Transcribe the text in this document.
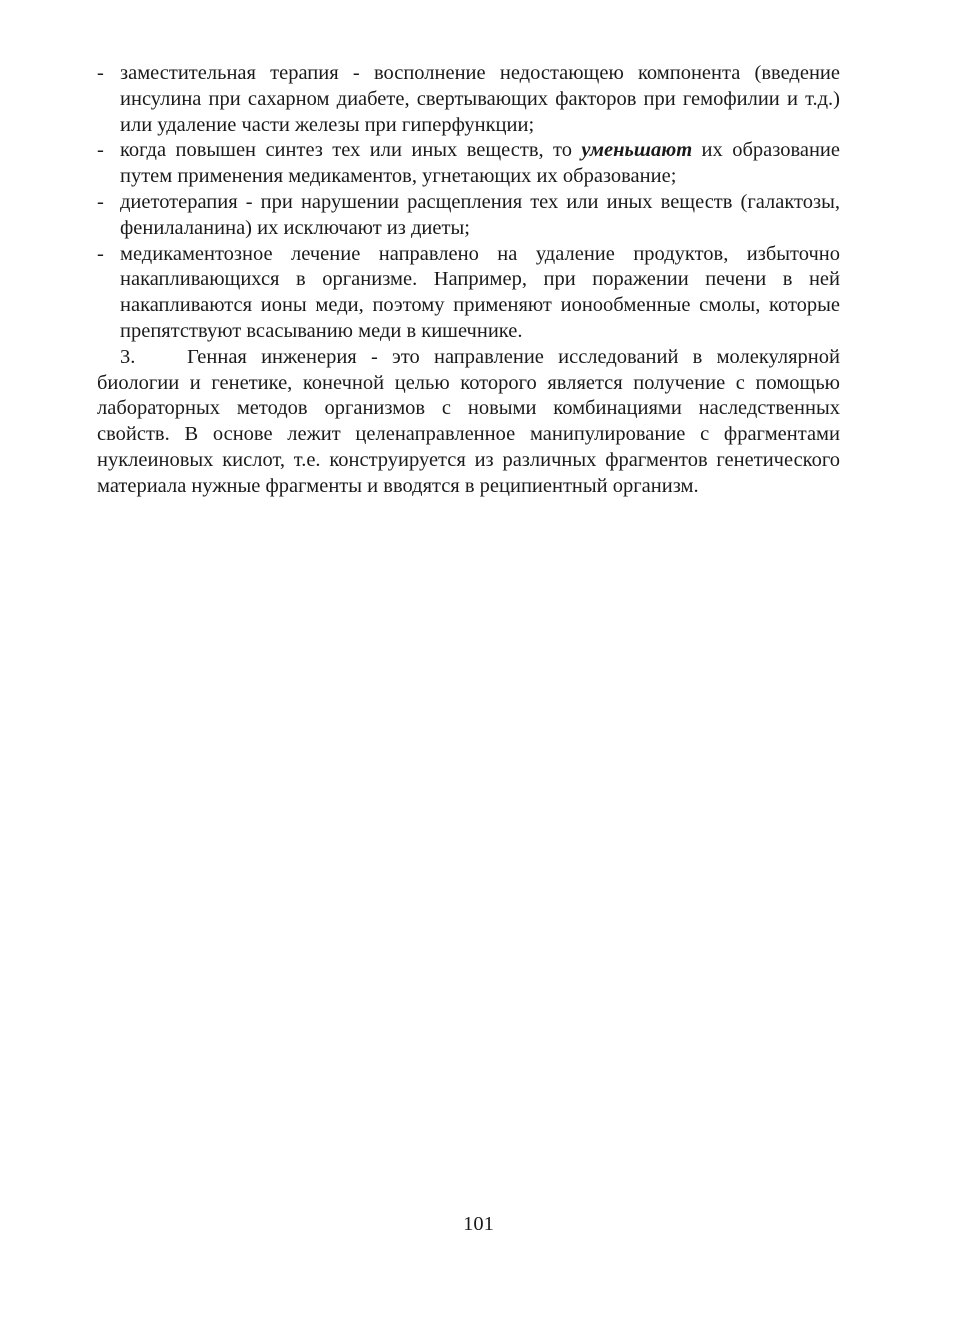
- заместительная терапия - восполнение недостающею компонента (введение инсулина при сахарном диабете, свертывающих факторов при гемофилии и т.д.) или удаление части железы при гиперфункции;
- когда повышен синтез тех или иных веществ, то уменьшают их образование путем применения медикаментов, угнетающих их образование;
- диетотерапия - при нарушении расщепления тех или иных веществ (галактозы, фенилаланина) их исключают из диеты;
- медикаментозное лечение направлено на удаление продуктов, избыточно накапливающихся в организме. Например, при поражении печени в ней накапливаются ионы меди, поэтому применяют ионообменные смолы, которые препятствуют всасыванию меди в кишечнике.
3.	Генная инженерия - это направление исследований в молекулярной биологии и генетике, конечной целью которого является получение с помощью лабораторных методов организмов с новыми комбинациями наследственных свойств. В основе лежит целенаправленное манипулирование с фрагментами нуклеиновых кислот, т.е. конструируется из различных фрагментов генетического материала нужные фрагменты и вводятся в реципиентный организм.
101
